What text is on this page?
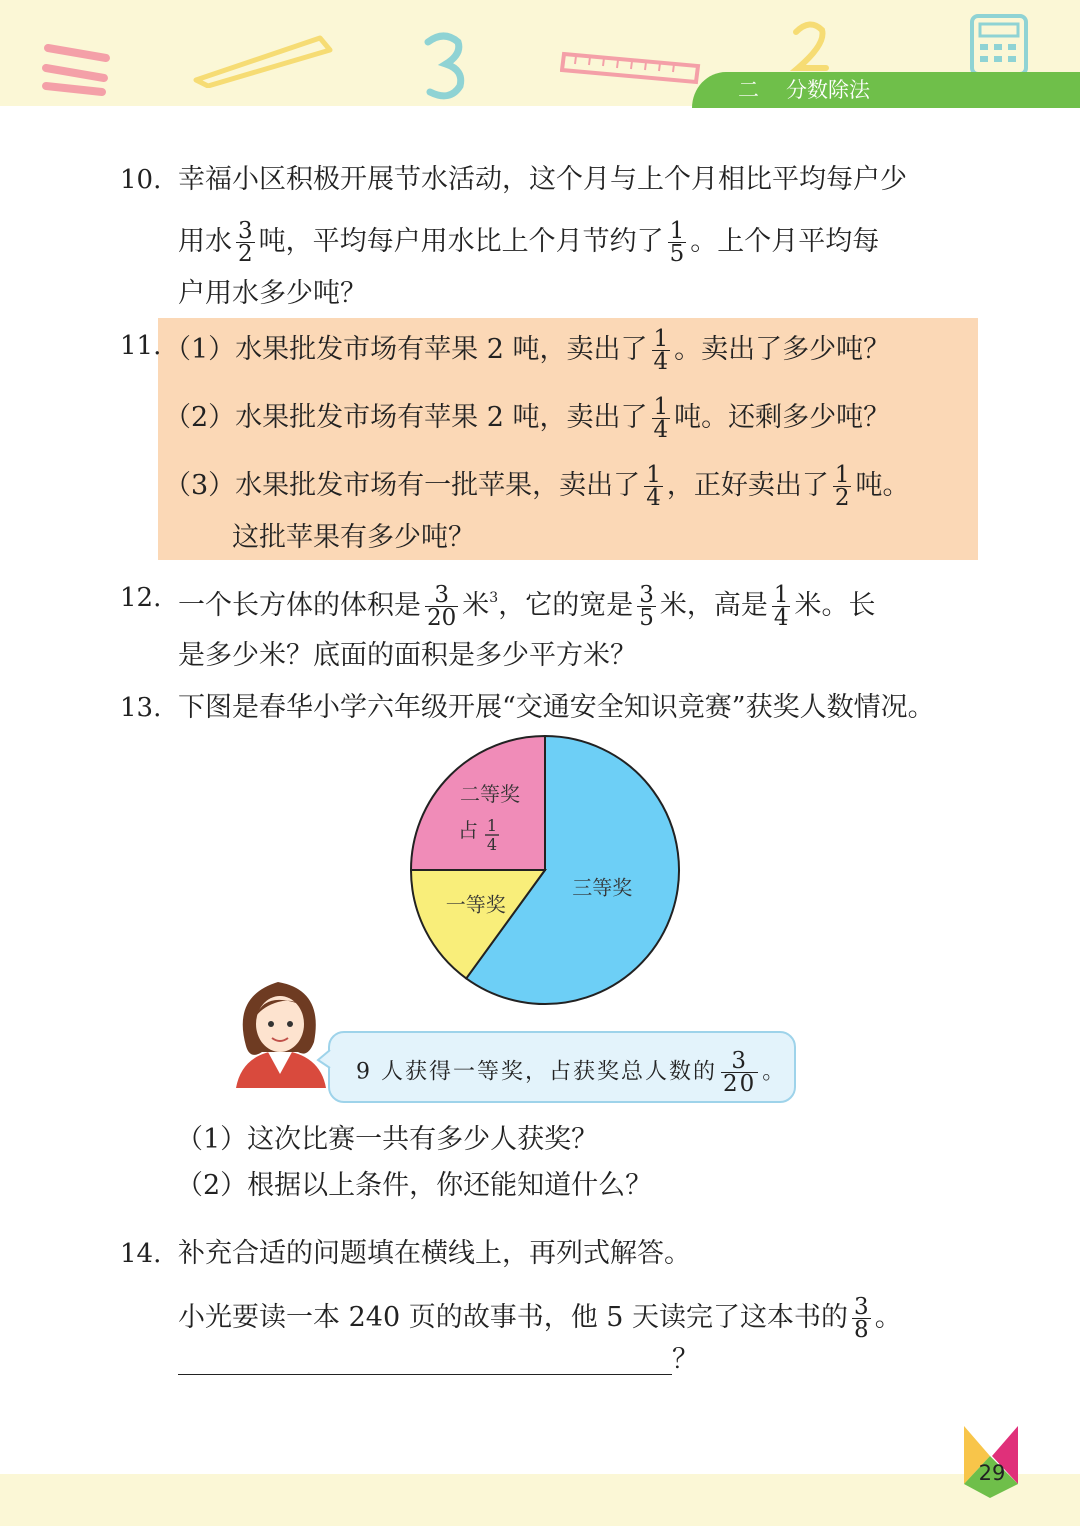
二 分数除法
10. 幸福小区积极开展节水活动，这个月与上个月相比平均每户少
用水 $\frac{3}{2}$ 吨，平均每户用水比上个月节约了 $\frac{1}{5}$ 。上个月平均每
户用水多少吨？
11. （1）水果批发市场有苹果 2 吨，卖出了 $\frac{1}{4}$ 。卖出了多少吨？
（2）水果批发市场有苹果 2 吨，卖出了 $\frac{1}{4}$ 吨。还剩多少吨？
（3）水果批发市场有一批苹果，卖出了 $\frac{1}{4}$ ，正好卖出了 $\frac{1}{2}$ 吨。
这批苹果有多少吨？
12. 一个长方体的体积是 $\frac{3}{20}$ 米$^3$，它的宽是 $\frac{3}{5}$ 米，高是 $\frac{1}{4}$ 米。长
是多少米？底面的面积是多少平方米？
13. 下图是春华小学六年级开展“交通安全知识竞赛”获奖人数情况。
三等奖
一等奖
二等奖
占 1
4
9 人获得一等奖，占获奖总人数的 $\frac{3}{20}$ 。
（1）这次比赛一共有多少人获奖？
（2）根据以上条件，你还能知道什么？
14. 补充合适的问题填在横线上，再列式解答。
小光要读一本 240 页的故事书，他 5 天读完了这本书的 $\frac{3}{8}$ 。
？
29
